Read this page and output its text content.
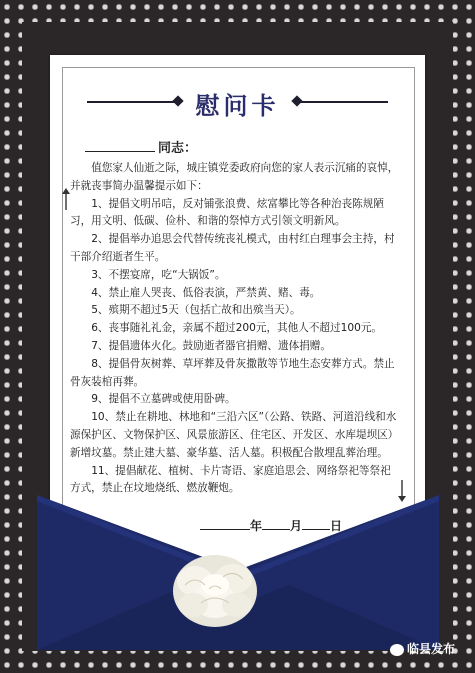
慰问卡
同志：

值您家人仙逝之际，城庄镇党委政府向您的家人表示沉痛的哀悼，并就丧事简办温馨提示如下：

1、提倡文明吊唁，反对铺张浪费、炫富攀比等各种治丧陈规陋习，用文明、低碳、俭朴、和谐的祭悼方式引领文明新风。

2、提倡举办追思会代替传统丧礼模式，由村红白理事会主持，村干部介绍逝者生平。

3、不摆宴席，吃“大锅饭”。

4、禁止雇人哭丧、低俗表演，严禁黄、赌、毒。

5、殡期不超过5天（包括亡故和出殡当天）。

6、丧事随礼礼金，亲属不超过200元，其他人不超过100元。

7、提倡遗体火化。鼓励逝者器官捐赠、遗体捐赠。

8、提倡骨灰树葬、草坪葬及骨灰撒散等节地生态安葬方式。禁止骨灰装棺再葬。

9、提倡不立墓碑或使用卧碑。

10、禁止在耕地、林地和“三沿六区”（公路、铁路、河道沿线和水源保护区、文物保护区、风景旅游区、住宅区、开发区、水库堤坝区）新增坟墓。禁止建大墓、豪华墓、活人墓。积极配合散埋乱葬治理。

11、提倡献花、植树、卡片寄语、家庭追思会、网络祭祀等祭祀方式，禁止在坟地烧纸、燃放鞭炮。

年 月 日
临县发布
